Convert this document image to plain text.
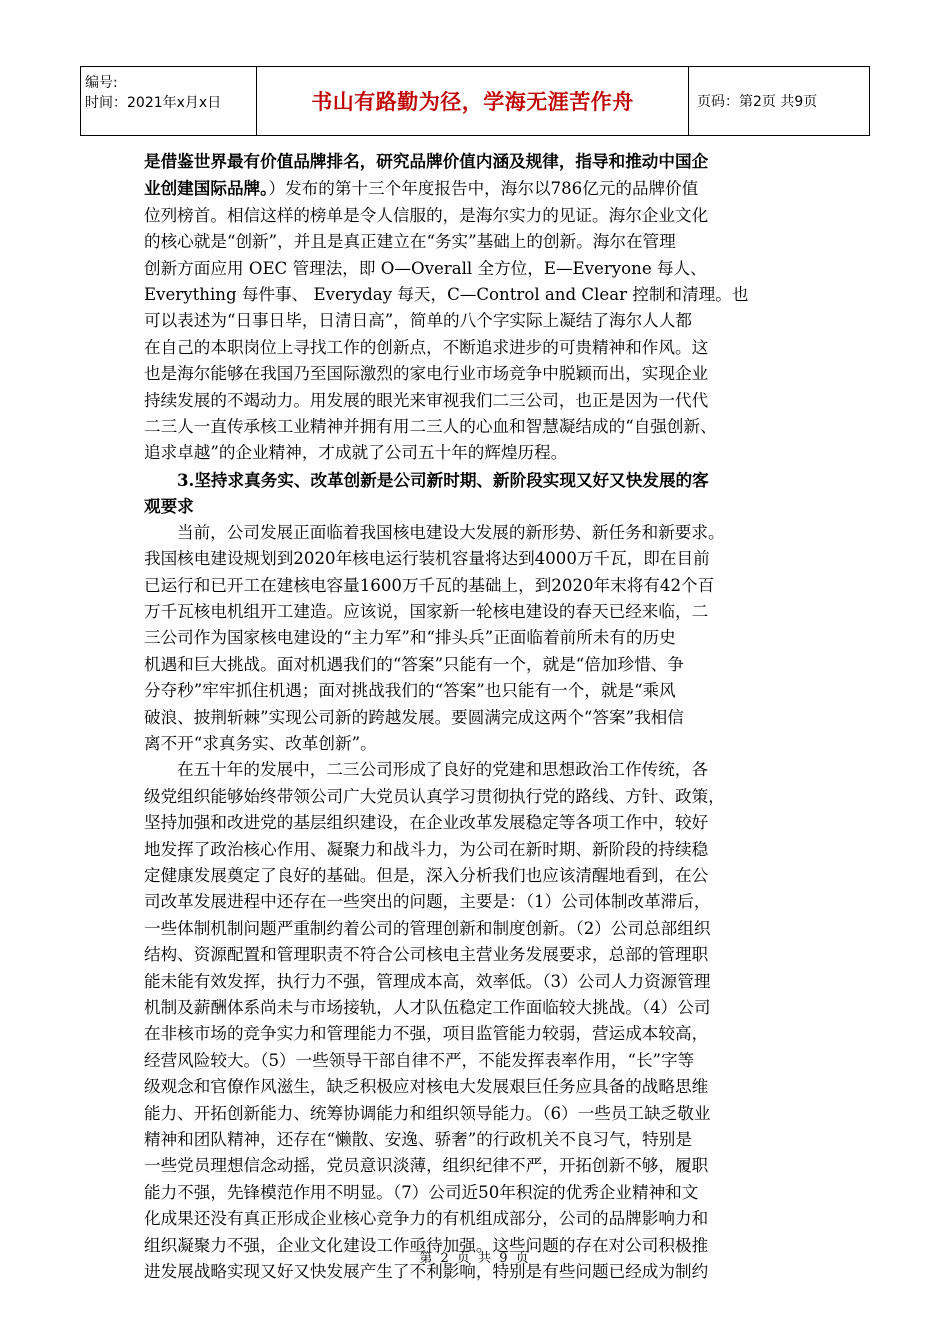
编号:
时间：2021年x月x日	书山有路勤为径，学海无涯苦作舟	页码：第2页 共9页

是借鉴世界最有价值品牌排名，研究品牌价值内涵及规律，指导和推动中国企
业创建国际品牌。）发布的第十三个年度报告中，海尔以786亿元的品牌价值
位列榜首。相信这样的榜单是令人信服的，是海尔实力的见证。海尔企业文化
的核心就是“创新”，并且是真正建立在“务实”基础上的创新。海尔在管理
创新方面应用 OEC 管理法，即 O—Overall 全方位，E—Everyone 每人、
Everything 每件事、 Everyday 每天，C—Control and Clear 控制和清理。也
可以表述为“日事日毕，日清日高”，简单的八个字实际上凝结了海尔人人都
在自己的本职岗位上寻找工作的创新点，不断追求进步的可贵精神和作风。这
也是海尔能够在我国乃至国际激烈的家电行业市场竞争中脱颖而出，实现企业
持续发展的不竭动力。用发展的眼光来审视我们二三公司，也正是因为一代代
二三人一直传承核工业精神并拥有用二三人的心血和智慧凝结成的“自强创新、
追求卓越”的企业精神，才成就了公司五十年的辉煌历程。

3.坚持求真务实、改革创新是公司新时期、新阶段实现又好又快发展的客
观要求

当前，公司发展正面临着我国核电建设大发展的新形势、新任务和新要求。
我国核电建设规划到2020年核电运行装机容量将达到4000万千瓦，即在目前
已运行和已开工在建核电容量1600万千瓦的基础上，到2020年末将有42个百
万千瓦核电机组开工建造。应该说，国家新一轮核电建设的春天已经来临，二
三公司作为国家核电建设的“主力军”和“排头兵”正面临着前所未有的历史
机遇和巨大挑战。面对机遇我们的“答案”只能有一个，就是“倍加珍惜、争
分夺秒”牢牢抓住机遇；面对挑战我们的“答案”也只能有一个，就是“乘风
破浪、披荆斩棘”实现公司新的跨越发展。要圆满完成这两个“答案”我相信
离不开“求真务实、改革创新”。

在五十年的发展中，二三公司形成了良好的党建和思想政治工作传统，各
级党组织能够始终带领公司广大党员认真学习贯彻执行党的路线、方针、政策，
坚持加强和改进党的基层组织建设，在企业改革发展稳定等各项工作中，较好
地发挥了政治核心作用、凝聚力和战斗力，为公司在新时期、新阶段的持续稳
定健康发展奠定了良好的基础。但是，深入分析我们也应该清醒地看到，在公
司改革发展进程中还存在一些突出的问题，主要是：（1）公司体制改革滞后，
一些体制机制问题严重制约着公司的管理创新和制度创新。（2）公司总部组织
结构、资源配置和管理职责不符合公司核电主营业务发展要求，总部的管理职
能未能有效发挥，执行力不强，管理成本高，效率低。（3）公司人力资源管理
机制及薪酬体系尚未与市场接轨，人才队伍稳定工作面临较大挑战。（4）公司
在非核市场的竞争实力和管理能力不强，项目监管能力较弱，营运成本较高，
经营风险较大。（5）一些领导干部自律不严，不能发挥表率作用，“长”字等
级观念和官僚作风滋生，缺乏积极应对核电大发展艰巨任务应具备的战略思维
能力、开拓创新能力、统筹协调能力和组织领导能力。（6）一些员工缺乏敬业
精神和团队精神，还存在“懒散、安逸、骄奢”的行政机关不良习气，特别是
一些党员理想信念动摇，党员意识淡薄，组织纪律不严，开拓创新不够，履职
能力不强，先锋模范作用不明显。（7）公司近50年积淀的优秀企业精神和文
化成果还没有真正形成企业核心竞争力的有机组成部分，公司的品牌影响力和
组织凝聚力不强，企业文化建设工作亟待加强。这些问题的存在对公司积极推
进发展战略实现又好又快发展产生了不利影响，特别是有些问题已经成为制约

第 2 页 共 9 页
